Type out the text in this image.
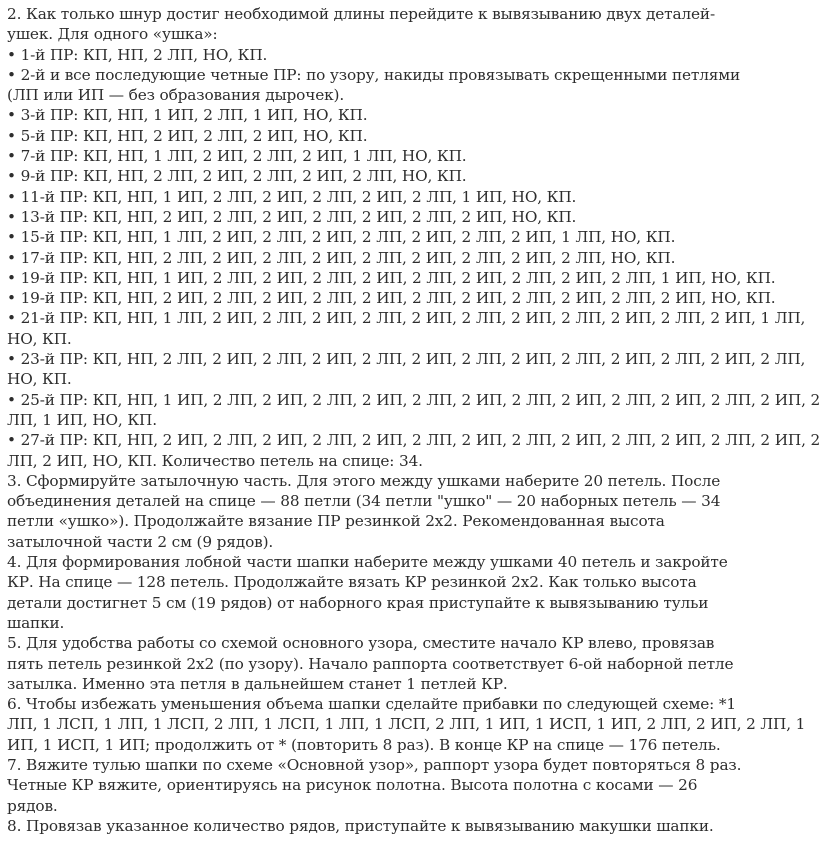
2. Как только шнур достиг необходимой длины перейдите к вывязыванию двух деталей-
ушек. Для одного «ушка»:
• 1-й ПР: КП, НП, 2 ЛП, НО, КП.
• 2-й и все последующие четные ПР: по узору, накиды провязывать скрещенными петлями
(ЛП или ИП — без образования дырочек).
• 3-й ПР: КП, НП, 1 ИП, 2 ЛП, 1 ИП, НО, КП.
• 5-й ПР: КП, НП, 2 ИП, 2 ЛП, 2 ИП, НО, КП.
• 7-й ПР: КП, НП, 1 ЛП, 2 ИП, 2 ЛП, 2 ИП, 1 ЛП, НО, КП.
• 9-й ПР: КП, НП, 2 ЛП, 2 ИП, 2 ЛП, 2 ИП, 2 ЛП, НО, КП.
• 11-й ПР: КП, НП, 1 ИП, 2 ЛП, 2 ИП, 2 ЛП, 2 ИП, 2 ЛП, 1 ИП, НО, КП.
• 13-й ПР: КП, НП, 2 ИП, 2 ЛП, 2 ИП, 2 ЛП, 2 ИП, 2 ЛП, 2 ИП, НО, КП.
• 15-й ПР: КП, НП, 1 ЛП, 2 ИП, 2 ЛП, 2 ИП, 2 ЛП, 2 ИП, 2 ЛП, 2 ИП, 1 ЛП, НО, КП.
• 17-й ПР: КП, НП, 2 ЛП, 2 ИП, 2 ЛП, 2 ИП, 2 ЛП, 2 ИП, 2 ЛП, 2 ИП, 2 ЛП, НО, КП.
• 19-й ПР: КП, НП, 1 ИП, 2 ЛП, 2 ИП, 2 ЛП, 2 ИП, 2 ЛП, 2 ИП, 2 ЛП, 2 ИП, 2 ЛП, 1 ИП, НО, КП.
• 19-й ПР: КП, НП, 2 ИП, 2 ЛП, 2 ИП, 2 ЛП, 2 ИП, 2 ЛП, 2 ИП, 2 ЛП, 2 ИП, 2 ЛП, 2 ИП, НО, КП.
• 21-й ПР: КП, НП, 1 ЛП, 2 ИП, 2 ЛП, 2 ИП, 2 ЛП, 2 ИП, 2 ЛП, 2 ИП, 2 ЛП, 2 ИП, 2 ЛП, 2 ИП, 1 ЛП,
НО, КП.
• 23-й ПР: КП, НП, 2 ЛП, 2 ИП, 2 ЛП, 2 ИП, 2 ЛП, 2 ИП, 2 ЛП, 2 ИП, 2 ЛП, 2 ИП, 2 ЛП, 2 ИП, 2 ЛП,
НО, КП.
• 25-й ПР: КП, НП, 1 ИП, 2 ЛП, 2 ИП, 2 ЛП, 2 ИП, 2 ЛП, 2 ИП, 2 ЛП, 2 ИП, 2 ЛП, 2 ИП, 2 ЛП, 2 ИП, 2
ЛП, 1 ИП, НО, КП.
• 27-й ПР: КП, НП, 2 ИП, 2 ЛП, 2 ИП, 2 ЛП, 2 ИП, 2 ЛП, 2 ИП, 2 ЛП, 2 ИП, 2 ЛП, 2 ИП, 2 ЛП, 2 ИП, 2
ЛП, 2 ИП, НО, КП. Количество петель на спице: 34.
3. Сформируйте затылочную часть. Для этого между ушками наберите 20 петель. После
объединения деталей на спице — 88 петли (34 петли "ушко" — 20 наборных петель — 34
петли «ушко»). Продолжайте вязание ПР резинкой 2х2. Рекомендованная высота
затылочной части 2 см (9 рядов).
4. Для формирования лобной части шапки наберите между ушками 40 петель и закройте
КР. На спице — 128 петель. Продолжайте вязать КР резинкой 2х2. Как только высота
детали достигнет 5 см (19 рядов) от наборного края приступайте к вывязыванию тульи
шапки.
5. Для удобства работы со схемой основного узора, сместите начало КР влево, провязав
пять петель резинкой 2х2 (по узору). Начало раппорта соответствует 6-ой наборной петле
затылка. Именно эта петля в дальнейшем станет 1 петлей КР.
6. Чтобы избежать уменьшения объема шапки сделайте прибавки по следующей схеме: *1
ЛП, 1 ЛСП, 1 ЛП, 1 ЛСП, 2 ЛП, 1 ЛСП, 1 ЛП, 1 ЛСП, 2 ЛП, 1 ИП, 1 ИСП, 1 ИП, 2 ЛП, 2 ИП, 2 ЛП, 1
ИП, 1 ИСП, 1 ИП; продолжить от * (повторить 8 раз). В конце КР на спице — 176 петель.
7. Вяжите тулью шапки по схеме «Основной узор», раппорт узора будет повторяться 8 раз.
Четные КР вяжите, ориентируясь на рисунок полотна. Высота полотна с косами — 26
рядов.
8. Провязав указанное количество рядов, приступайте к вывязыванию макушки шапки.
